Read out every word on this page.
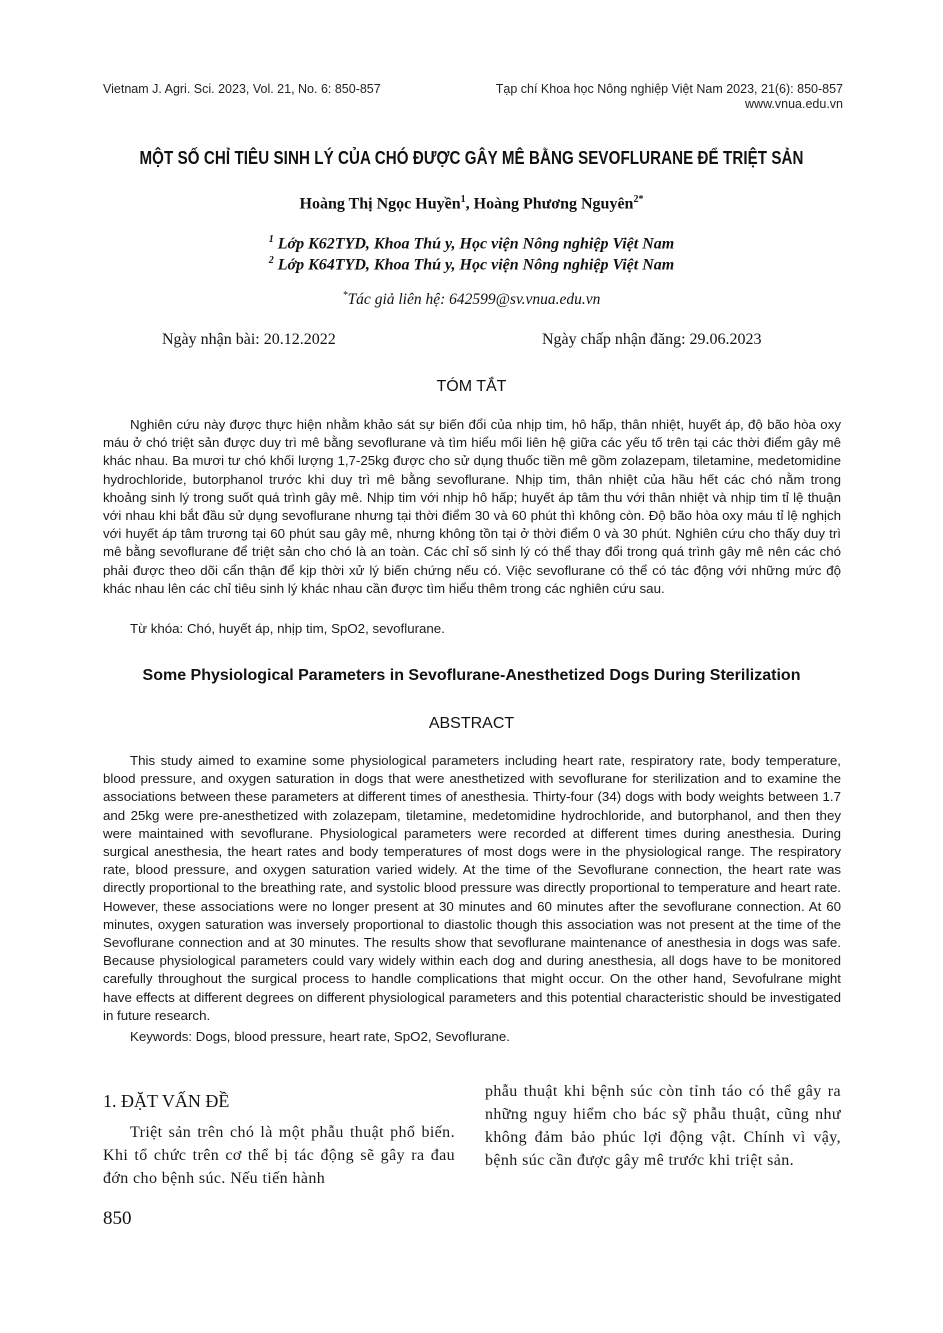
Vietnam J. Agri. Sci. 2023, Vol. 21, No. 6: 850-857	Tạp chí Khoa học Nông nghiệp Việt Nam 2023, 21(6): 850-857
www.vnua.edu.vn
MỘT SỐ CHỈ TIÊU SINH LÝ CỦA CHÓ ĐƯỢC GÂY MÊ BẰNG SEVOFLURANE ĐỂ TRIỆT SẢN
Hoàng Thị Ngọc Huyền$^1$, Hoàng Phương Nguyên$^{2*}$
$^1$ Lớp K62TYD, Khoa Thú y, Học viện Nông nghiệp Việt Nam
$^2$ Lớp K64TYD, Khoa Thú y, Học viện Nông nghiệp Việt Nam
*Tác giả liên hệ: 642599@sv.vnua.edu.vn
Ngày nhận bài: 20.12.2022	Ngày chấp nhận đăng: 29.06.2023
TÓM TẮT

Nghiên cứu này được thực hiện nhằm khảo sát sự biến đổi của nhịp tim, hô hấp, thân nhiệt, huyết áp, độ bão hòa oxy máu ở chó triệt sản được duy trì mê bằng sevoflurane và tìm hiểu mối liên hệ giữa các yếu tố trên tại các thời điểm gây mê khác nhau. Ba mươi tư chó khối lượng 1,7-25kg được cho sử dụng thuốc tiền mê gồm zolazepam, tiletamine, medetomidine hydrochloride, butorphanol trước khi duy trì mê bằng sevoflurane. Nhịp tim, thân nhiệt của hầu hết các chó nằm trong khoảng sinh lý trong suốt quá trình gây mê. Nhịp tim với nhịp hô hấp; huyết áp tâm thu với thân nhiệt và nhịp tim tỉ lệ thuận với nhau khi bắt đầu sử dụng sevoflurane nhưng tại thời điểm 30 và 60 phút thì không còn. Độ bão hòa oxy máu tỉ lệ nghịch với huyết áp tâm trương tại 60 phút sau gây mê, nhưng không tồn tại ở thời điểm 0 và 30 phút. Nghiên cứu cho thấy duy trì mê bằng sevoflurane để triệt sản cho chó là an toàn. Các chỉ số sinh lý có thể thay đổi trong quá trình gây mê nên các chó phải được theo dõi cẩn thận để kịp thời xử lý biến chứng nếu có. Việc sevoflurane có thể có tác động với những mức độ khác nhau lên các chỉ tiêu sinh lý khác nhau cần được tìm hiểu thêm trong các nghiên cứu sau.

Từ khóa: Chó, huyết áp, nhịp tim, SpO2, sevoflurane.
Some Physiological Parameters in Sevoflurane-Anesthetized Dogs During Sterilization
ABSTRACT

This study aimed to examine some physiological parameters including heart rate, respiratory rate, body temperature, blood pressure, and oxygen saturation in dogs that were anesthetized with sevoflurane for sterilization and to examine the associations between these parameters at different times of anesthesia. Thirty-four (34) dogs with body weights between 1.7 and 25kg were pre-anesthetized with zolazepam, tiletamine, medetomidine hydrochloride, and butorphanol, and then they were maintained with sevoflurane. Physiological parameters were recorded at different times during anesthesia. During surgical anesthesia, the heart rates and body temperatures of most dogs were in the physiological range. The respiratory rate, blood pressure, and oxygen saturation varied widely. At the time of the Sevoflurane connection, the heart rate was directly proportional to the breathing rate, and systolic blood pressure was directly proportional to temperature and heart rate. However, these associations were no longer present at 30 minutes and 60 minutes after the sevoflurane connection. At 60 minutes, oxygen saturation was inversely proportional to diastolic though this association was not present at the time of the Sevoflurane connection and at 30 minutes. The results show that sevoflurane maintenance of anesthesia in dogs was safe. Because physiological parameters could vary widely within each dog and during anesthesia, all dogs have to be monitored carefully throughout the surgical process to handle complications that might occur. On the other hand, Sevofulrane might have effects at different degrees on different physiological parameters and this potential characteristic should be investigated in future research.

Keywords: Dogs, blood pressure, heart rate, SpO2, Sevoflurane.
1. ĐẶT VẤN ĐỀ

Triệt sản trên chó là một phẫu thuật phổ biến. Khi tổ chức trên cơ thể bị tác động sẽ gây ra đau đớn cho bệnh súc. Nếu tiến hành

phẫu thuật khi bệnh súc còn tỉnh táo có thể gây ra những nguy hiểm cho bác sỹ phẫu thuật, cũng như không đảm bảo phúc lợi động vật. Chính vì vậy, bệnh súc cần được gây mê trước khi triệt sản.

850
